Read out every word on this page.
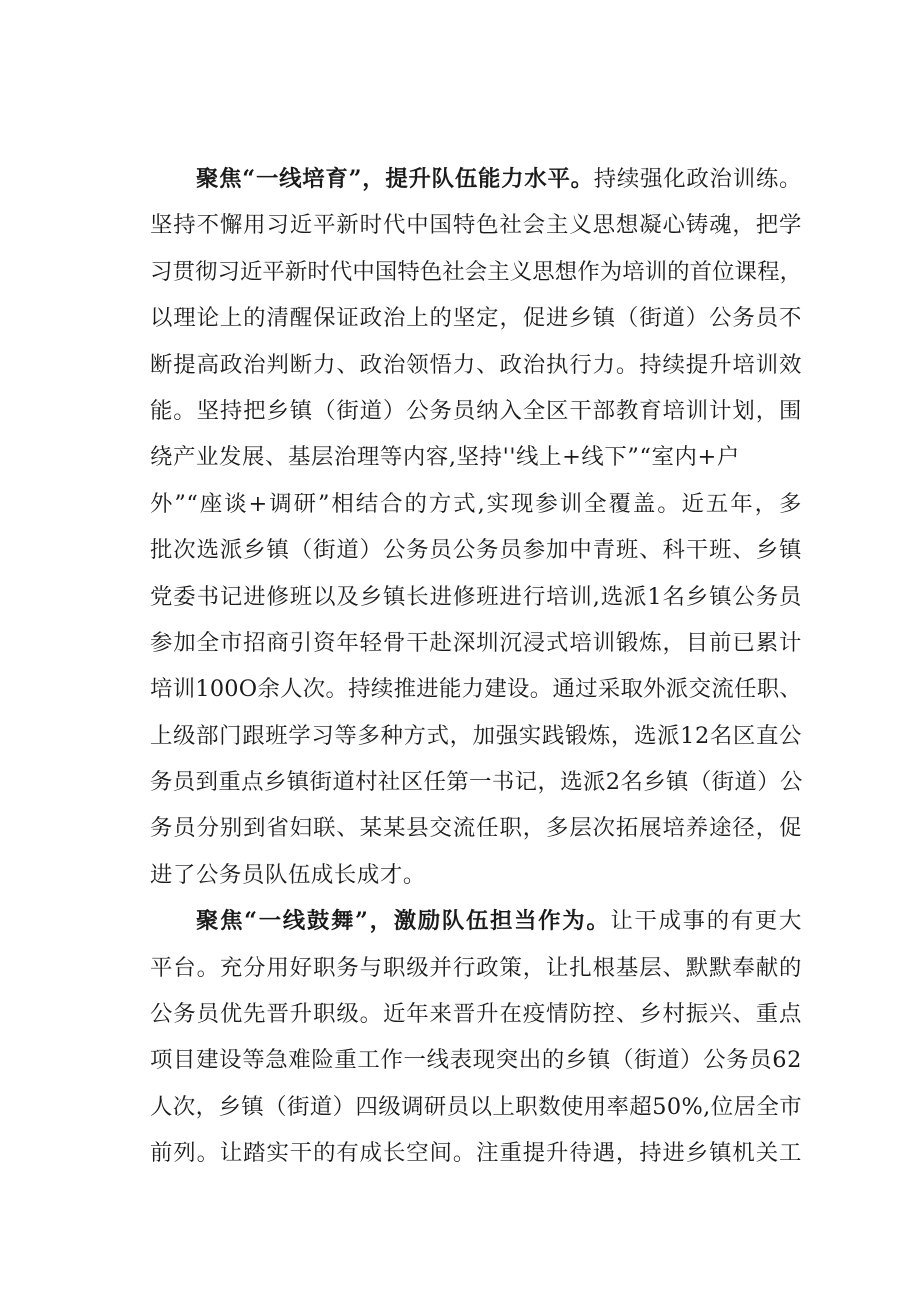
聚焦“一线培育”，提升队伍能力水平。持续强化政治训练。
坚持不懈用习近平新时代中国特色社会主义思想凝心铸魂，把学
习贯彻习近平新时代中国特色社会主义思想作为培训的首位课程，
以理论上的清醒保证政治上的坚定，促进乡镇（街道）公务员不
断提高政治判断力、政治领悟力、政治执行力。持续提升培训效
能。坚持把乡镇（街道）公务员纳入全区干部教育培训计划，围
绕产业发展、基层治理等内容,坚持''线上+线下”“室内+户
外”“座谈+调研”相结合的方式,实现参训全覆盖。近五年，多
批次选派乡镇（街道）公务员公务员参加中青班、科干班、乡镇
党委书记进修班以及乡镇长进修班进行培训,选派1名乡镇公务员
参加全市招商引资年轻骨干赴深圳沉浸式培训锻炼，目前已累计
培训100O余人次。持续推进能力建设。通过采取外派交流任职、
上级部门跟班学习等多种方式，加强实践锻炼，选派12名区直公
务员到重点乡镇街道村社区任第一书记，选派2名乡镇（街道）公
务员分别到省妇联、某某县交流任职，多层次拓展培养途径，促
进了公务员队伍成长成才。
聚焦“一线鼓舞”，激励队伍担当作为。让干成事的有更大
平台。充分用好职务与职级并行政策，让扎根基层、默默奉献的
公务员优先晋升职级。近年来晋升在疫情防控、乡村振兴、重点
项目建设等急难险重工作一线表现突出的乡镇（街道）公务员62
人次，乡镇（街道）四级调研员以上职数使用率超50%,位居全市
前列。让踏实干的有成长空间。注重提升待遇，持进乡镇机关工
